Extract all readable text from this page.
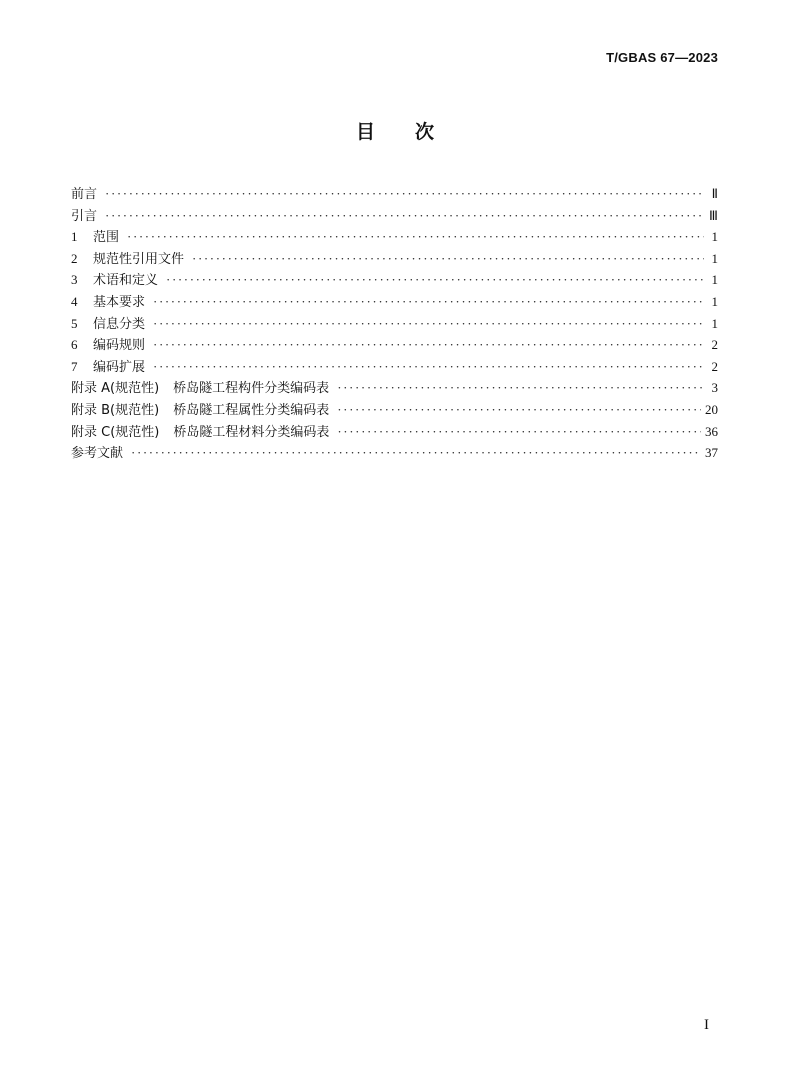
T/GBAS 67—2023
目次
前言 ·····	Ⅱ
引言 ·····	Ⅲ
1	范围 ·····	1
2	规范性引用文件 ·····	1
3	术语和定义 ·····	1
4	基本要求 ·····	1
5	信息分类 ·····	1
6	编码规则 ·····	2
7	编码扩展 ·····	2
附录 A(规范性) 桥岛隧工程构件分类编码表 ·····	3
附录 B(规范性) 桥岛隧工程属性分类编码表 ·····	20
附录 C(规范性) 桥岛隧工程材料分类编码表 ·····	36
参考文献 ·····	37
I
